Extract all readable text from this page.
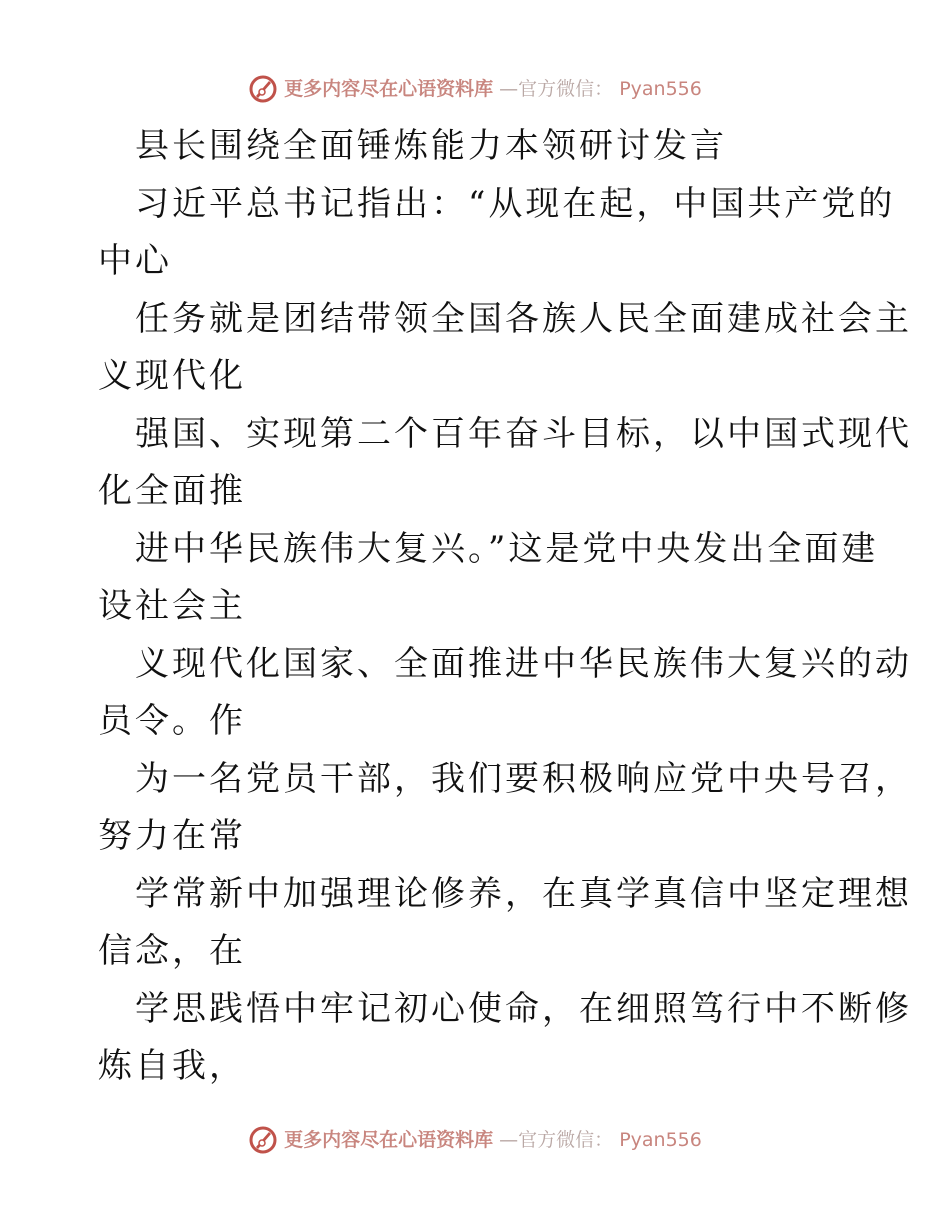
更多内容尽在心语资料库 —官方微信： Pyan556

县长围绕全面锤炼能力本领研讨发言

习近平总书记指出：“从现在起，中国共产党的

中心

任务就是团结带领全国各族人民全面建成社会主

义现代化

强国、实现第二个百年奋斗目标，以中国式现代

化全面推

进中华民族伟大复兴。”这是党中央发出全面建

设社会主

义现代化国家、全面推进中华民族伟大复兴的动

员令。作

为一名党员干部，我们要积极响应党中央号召，

努力在常

学常新中加强理论修养，在真学真信中坚定理想

信念，在

学思践悟中牢记初心使命，在细照笃行中不断修

炼自我，

更多内容尽在心语资料库 —官方微信： Pyan556
